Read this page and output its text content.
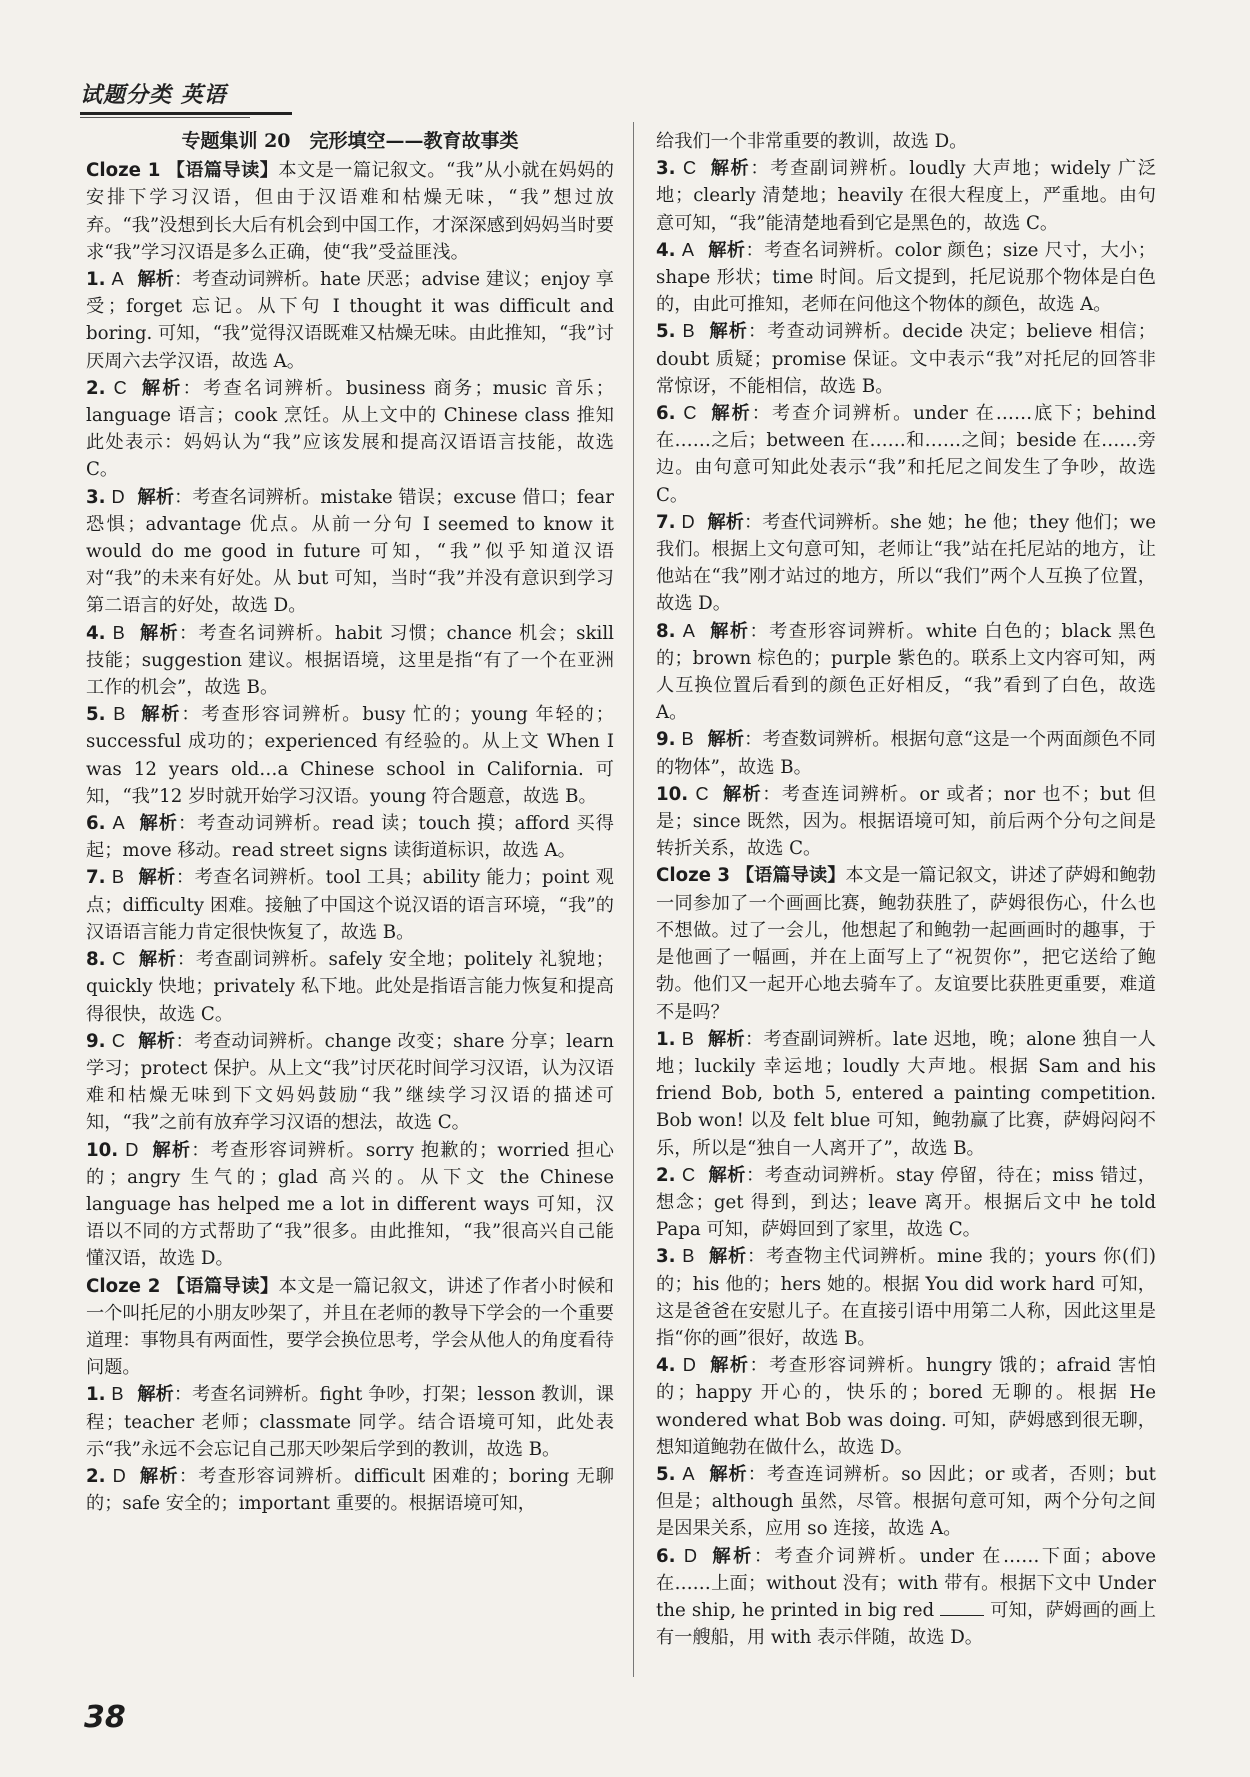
试题分类 英语
专题集训 20　完形填空——教育故事类
Cloze 1 【语篇导读】本文是一篇记叙文。“我”从小就在妈妈的安排下学习汉语，但由于汉语难和枯燥无味，“我”想过放弃。“我”没想到长大后有机会到中国工作，才深深感到妈妈当时要求“我”学习汉语是多么正确，使“我”受益匪浅。
1. A 解析：考查动词辨析。hate 厌恶；advise 建议；enjoy 享受；forget 忘记。从下句 I thought it was difficult and boring. 可知，“我”觉得汉语既难又枯燥无味。由此推知，“我”讨厌周六去学汉语，故选 A。
2. C 解析：考查名词辨析。business 商务；music 音乐；language 语言；cook 烹饪。从上文中的 Chinese class 推知此处表示：妈妈认为“我”应该发展和提高汉语语言技能，故选 C。
3. D 解析：考查名词辨析。mistake 错误；excuse 借口；fear 恐惧；advantage 优点。从前一分句 I seemed to know it would do me good in future 可知，“我”似乎知道汉语对“我”的未来有好处。从 but 可知，当时“我”并没有意识到学习第二语言的好处，故选 D。
4. B 解析：考查名词辨析。habit 习惯；chance 机会；skill 技能；suggestion 建议。根据语境，这里是指“有了一个在亚洲工作的机会”，故选 B。
5. B 解析：考查形容词辨析。busy 忙的；young 年轻的；successful 成功的；experienced 有经验的。从上文 When I was 12 years old…a Chinese school in California. 可知，“我”12 岁时就开始学习汉语。young 符合题意，故选 B。
6. A 解析：考查动词辨析。read 读；touch 摸；afford 买得起；move 移动。read street signs 读街道标识，故选 A。
7. B 解析：考查名词辨析。tool 工具；ability 能力；point 观点；difficulty 困难。接触了中国这个说汉语的语言环境，“我”的汉语语言能力肯定很快恢复了，故选 B。
8. C 解析：考查副词辨析。safely 安全地；politely 礼貌地；quickly 快地；privately 私下地。此处是指语言能力恢复和提高得很快，故选 C。
9. C 解析：考查动词辨析。change 改变；share 分享；learn 学习；protect 保护。从上文“我”讨厌花时间学习汉语，认为汉语难和枯燥无味到下文妈妈鼓励“我”继续学习汉语的描述可知，“我”之前有放弃学习汉语的想法，故选 C。
10. D 解析：考查形容词辨析。sorry 抱歉的；worried 担心的；angry 生气的；glad 高兴的。从下文 the Chinese language has helped me a lot in different ways 可知，汉语以不同的方式帮助了“我”很多。由此推知，“我”很高兴自己能懂汉语，故选 D。
Cloze 2 【语篇导读】本文是一篇记叙文，讲述了作者小时候和一个叫托尼的小朋友吵架了，并且在老师的教导下学会的一个重要道理：事物具有两面性，要学会换位思考，学会从他人的角度看待问题。
1. B 解析：考查名词辨析。fight 争吵，打架；lesson 教训，课程；teacher 老师；classmate 同学。结合语境可知，此处表示“我”永远不会忘记自己那天吵架后学到的教训，故选 B。
2. D 解析：考查形容词辨析。difficult 困难的；boring 无聊的；safe 安全的；important 重要的。根据语境可知，
给我们一个非常重要的教训，故选 D。
3. C 解析：考查副词辨析。loudly 大声地；widely 广泛地；clearly 清楚地；heavily 在很大程度上，严重地。由句意可知，“我”能清楚地看到它是黑色的，故选 C。
4. A 解析：考查名词辨析。color 颜色；size 尺寸，大小；shape 形状；time 时间。后文提到，托尼说那个物体是白色的，由此可推知，老师在问他这个物体的颜色，故选 A。
5. B 解析：考查动词辨析。decide 决定；believe 相信；doubt 质疑；promise 保证。文中表示“我”对托尼的回答非常惊讶，不能相信，故选 B。
6. C 解析：考查介词辨析。under 在……底下；behind 在……之后；between 在……和……之间；beside 在……旁边。由句意可知此处表示“我”和托尼之间发生了争吵，故选 C。
7. D 解析：考查代词辨析。she 她；he 他；they 他们；we 我们。根据上文句意可知，老师让“我”站在托尼站的地方，让他站在“我”刚才站过的地方，所以“我们”两个人互换了位置，故选 D。
8. A 解析：考查形容词辨析。white 白色的；black 黑色的；brown 棕色的；purple 紫色的。联系上文内容可知，两人互换位置后看到的颜色正好相反，“我”看到了白色，故选 A。
9. B 解析：考查数词辨析。根据句意“这是一个两面颜色不同的物体”，故选 B。
10. C 解析：考查连词辨析。or 或者；nor 也不；but 但是；since 既然，因为。根据语境可知，前后两个分句之间是转折关系，故选 C。
Cloze 3 【语篇导读】本文是一篇记叙文，讲述了萨姆和鲍勃一同参加了一个画画比赛，鲍勃获胜了，萨姆很伤心，什么也不想做。过了一会儿，他想起了和鲍勃一起画画时的趣事，于是他画了一幅画，并在上面写上了“祝贺你”，把它送给了鲍勃。他们又一起开心地去骑车了。友谊要比获胜更重要，难道不是吗？
1. B 解析：考查副词辨析。late 迟地，晚；alone 独自一人地；luckily 幸运地；loudly 大声地。根据 Sam and his friend Bob, both 5, entered a painting competition. Bob won! 以及 felt blue 可知，鲍勃赢了比赛，萨姆闷闷不乐，所以是“独自一人离开了”，故选 B。
2. C 解析：考查动词辨析。stay 停留，待在；miss 错过，想念；get 得到，到达；leave 离开。根据后文中 he told Papa 可知，萨姆回到了家里，故选 C。
3. B 解析：考查物主代词辨析。mine 我的；yours 你(们)的；his 他的；hers 她的。根据 You did work hard 可知，这是爸爸在安慰儿子。在直接引语中用第二人称，因此这里是指“你的画”很好，故选 B。
4. D 解析：考查形容词辨析。hungry 饿的；afraid 害怕的；happy 开心的，快乐的；bored 无聊的。根据 He wondered what Bob was doing. 可知，萨姆感到很无聊，想知道鲍勃在做什么，故选 D。
5. A 解析：考查连词辨析。so 因此；or 或者，否则；but 但是；although 虽然，尽管。根据句意可知，两个分句之间是因果关系，应用 so 连接，故选 A。
6. D 解析：考查介词辨析。under 在……下面；above 在……上面；without 没有；with 带有。根据下文中 Under the ship, he printed in big red	可知，萨姆画的画上有一艘船，用 with 表示伴随，故选 D。
38
